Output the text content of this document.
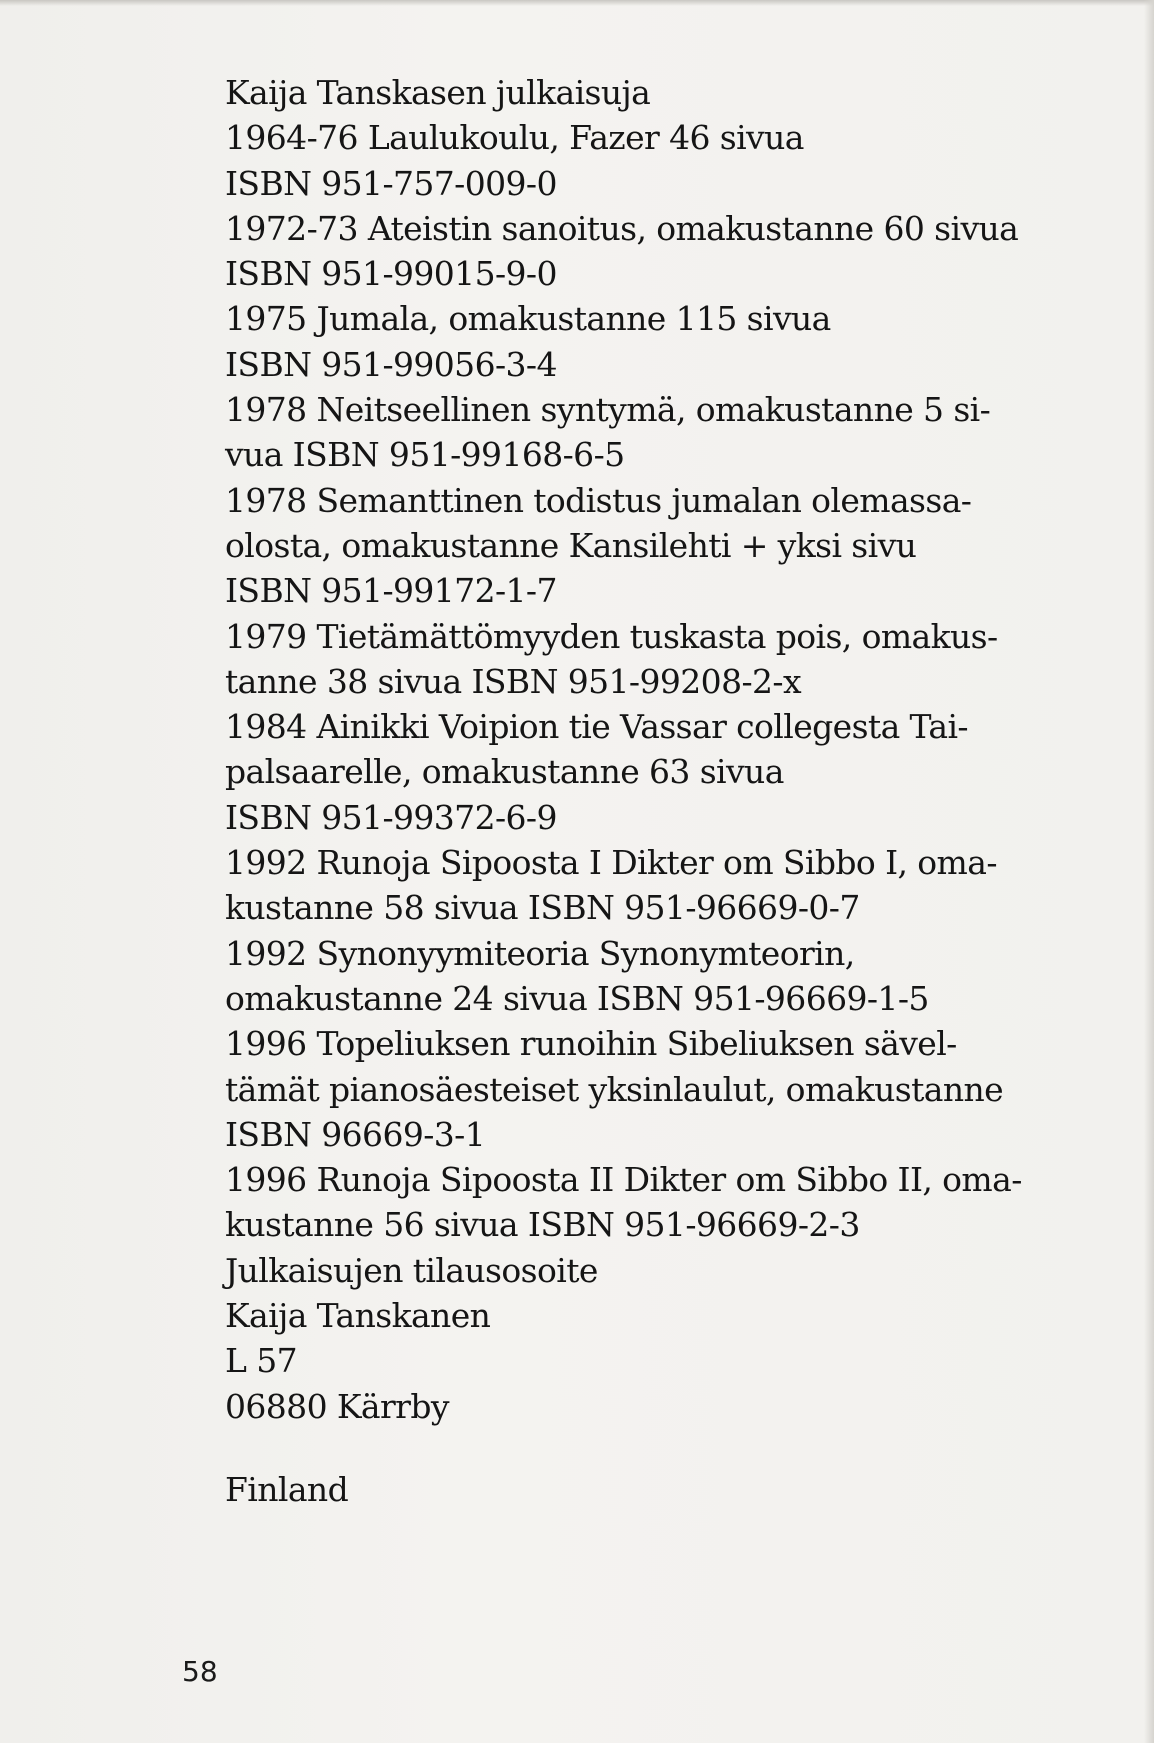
Kaija Tanskasen julkaisuja
1964-76 Laulukoulu, Fazer 46 sivua
ISBN 951-757-009-0
1972-73 Ateistin sanoitus, omakustanne 60 sivua
ISBN 951-99015-9-0
1975 Jumala, omakustanne 115 sivua
ISBN 951-99056-3-4
1978 Neitseellinen syntymä, omakustanne 5 si-
vua ISBN 951-99168-6-5
1978 Semanttinen todistus jumalan olemassa-
olosta, omakustanne Kansilehti + yksi sivu
ISBN 951-99172-1-7
1979 Tietämättömyyden tuskasta pois, omakus-
tanne 38 sivua ISBN 951-99208-2-x
1984 Ainikki Voipion tie Vassar collegesta Tai-
palsaarelle, omakustanne 63 sivua
ISBN 951-99372-6-9
1992 Runoja Sipoosta I Dikter om Sibbo I, oma-
kustanne 58 sivua ISBN 951-96669-0-7
1992 Synonyymiteoria Synonymteorin,
omakustanne 24 sivua ISBN 951-96669-1-5
1996 Topeliuksen runoihin Sibeliuksen sävel-
tämät pianosäesteiset yksinlaulut, omakustanne
ISBN 96669-3-1
1996 Runoja Sipoosta II Dikter om Sibbo II, oma-
kustanne 56 sivua ISBN 951-96669-2-3
Julkaisujen tilausosoite
Kaija Tanskanen
L 57
06880 Kärrby
Finland
58
